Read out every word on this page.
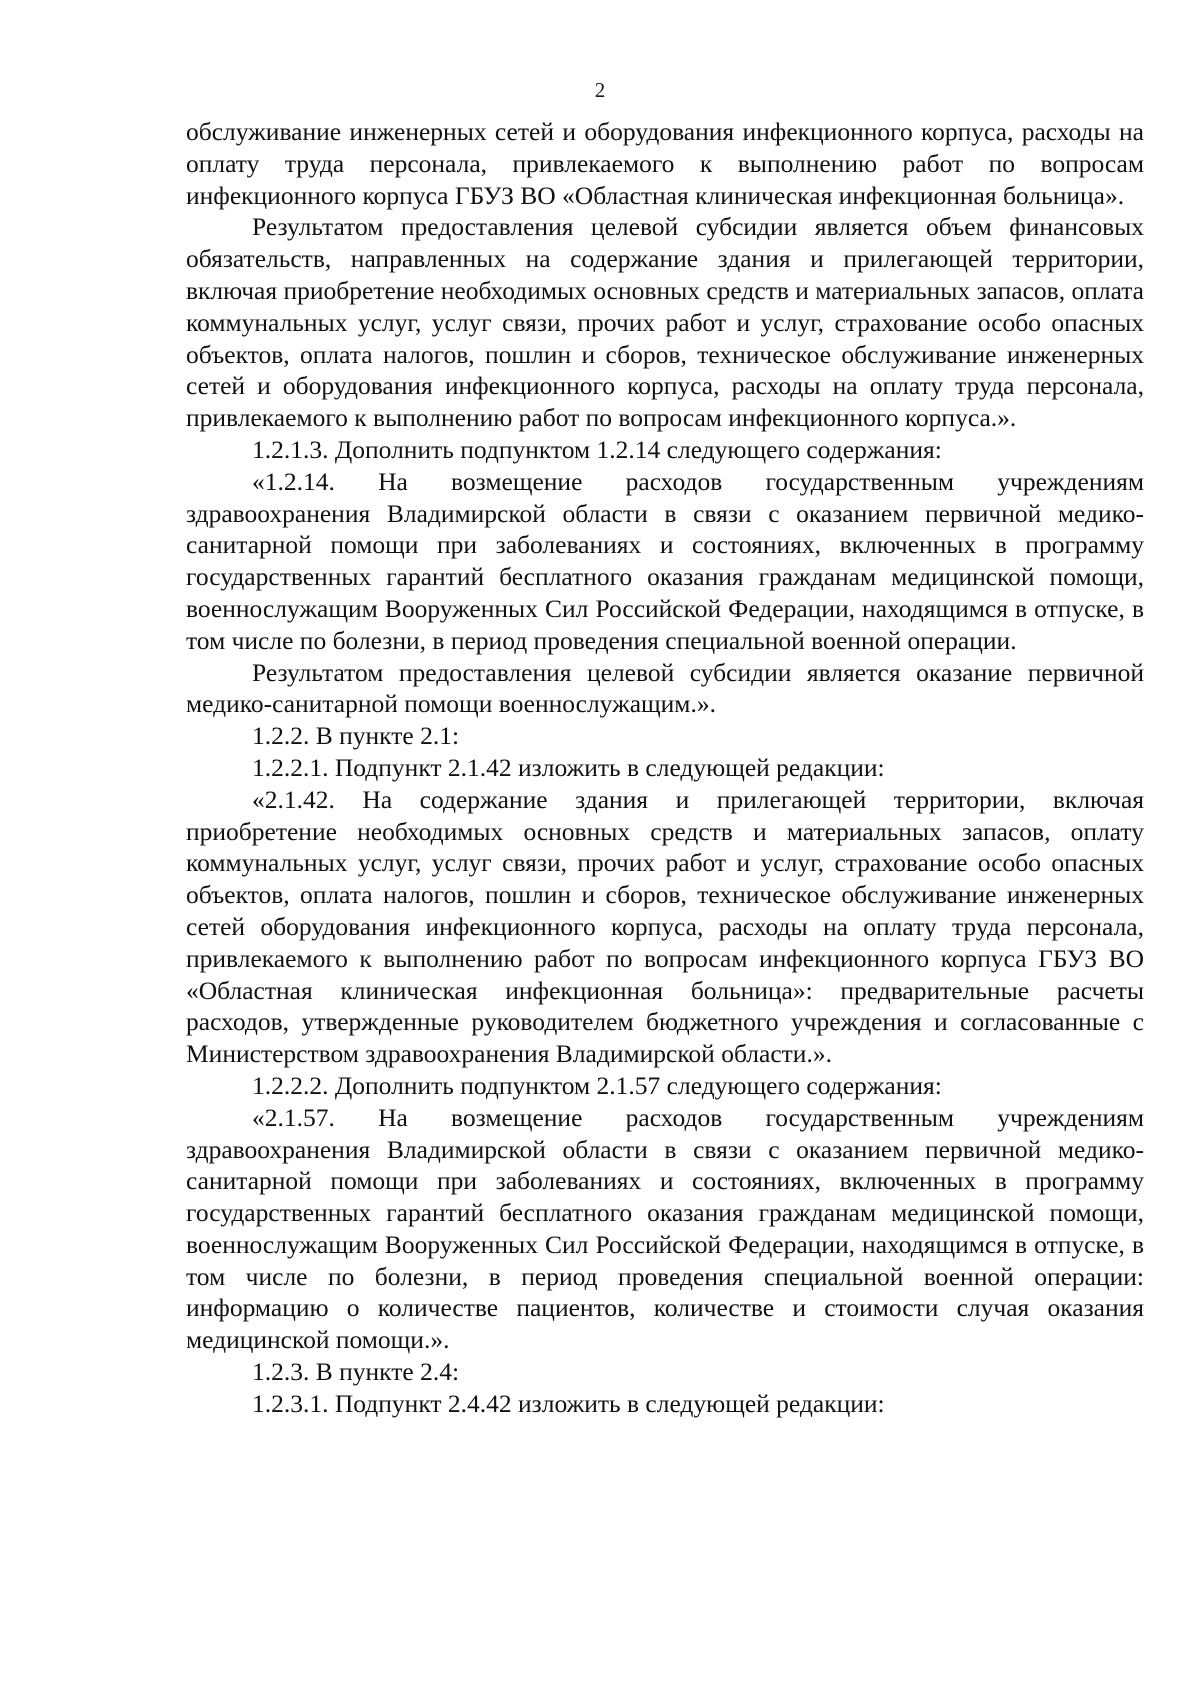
2

обслуживание инженерных сетей и оборудования инфекционного корпуса, расходы на оплату труда персонала, привлекаемого к выполнению работ по вопросам инфекционного корпуса ГБУЗ ВО «Областная клиническая инфекционная больница».

Результатом предоставления целевой субсидии является объем финансовых обязательств, направленных на содержание здания и прилегающей территории, включая приобретение необходимых основных средств и материальных запасов, оплата коммунальных услуг, услуг связи, прочих работ и услуг, страхование особо опасных объектов, оплата налогов, пошлин и сборов, техническое обслуживание инженерных сетей и оборудования инфекционного корпуса, расходы на оплату труда персонала, привлекаемого к выполнению работ по вопросам инфекционного корпуса.».

1.2.1.3. Дополнить подпунктом 1.2.14 следующего содержания:

«1.2.14. На возмещение расходов государственным учреждениям здравоохранения Владимирской области в связи с оказанием первичной медико-санитарной помощи при заболеваниях и состояниях, включенных в программу государственных гарантий бесплатного оказания гражданам медицинской помощи, военнослужащим Вооруженных Сил Российской Федерации, находящимся в отпуске, в том числе по болезни, в период проведения специальной военной операции.

Результатом предоставления целевой субсидии является оказание первичной медико-санитарной помощи военнослужащим.».

1.2.2. В пункте 2.1:

1.2.2.1. Подпункт 2.1.42 изложить в следующей редакции:

«2.1.42. На содержание здания и прилегающей территории, включая приобретение необходимых основных средств и материальных запасов, оплату коммунальных услуг, услуг связи, прочих работ и услуг, страхование особо опасных объектов, оплата налогов, пошлин и сборов, техническое обслуживание инженерных сетей оборудования инфекционного корпуса, расходы на оплату труда персонала, привлекаемого к выполнению работ по вопросам инфекционного корпуса ГБУЗ ВО «Областная клиническая инфекционная больница»: предварительные расчеты расходов, утвержденные руководителем бюджетного учреждения и согласованные с Министерством здравоохранения Владимирской области.».

1.2.2.2. Дополнить подпунктом 2.1.57 следующего содержания:

«2.1.57. На возмещение расходов государственным учреждениям здравоохранения Владимирской области в связи с оказанием первичной медико-санитарной помощи при заболеваниях и состояниях, включенных в программу государственных гарантий бесплатного оказания гражданам медицинской помощи, военнослужащим Вооруженных Сил Российской Федерации, находящимся в отпуске, в том числе по болезни, в период проведения специальной военной операции: информацию о количестве пациентов, количестве и стоимости случая оказания медицинской помощи.».

1.2.3. В пункте 2.4:

1.2.3.1. Подпункт 2.4.42 изложить в следующей редакции:
